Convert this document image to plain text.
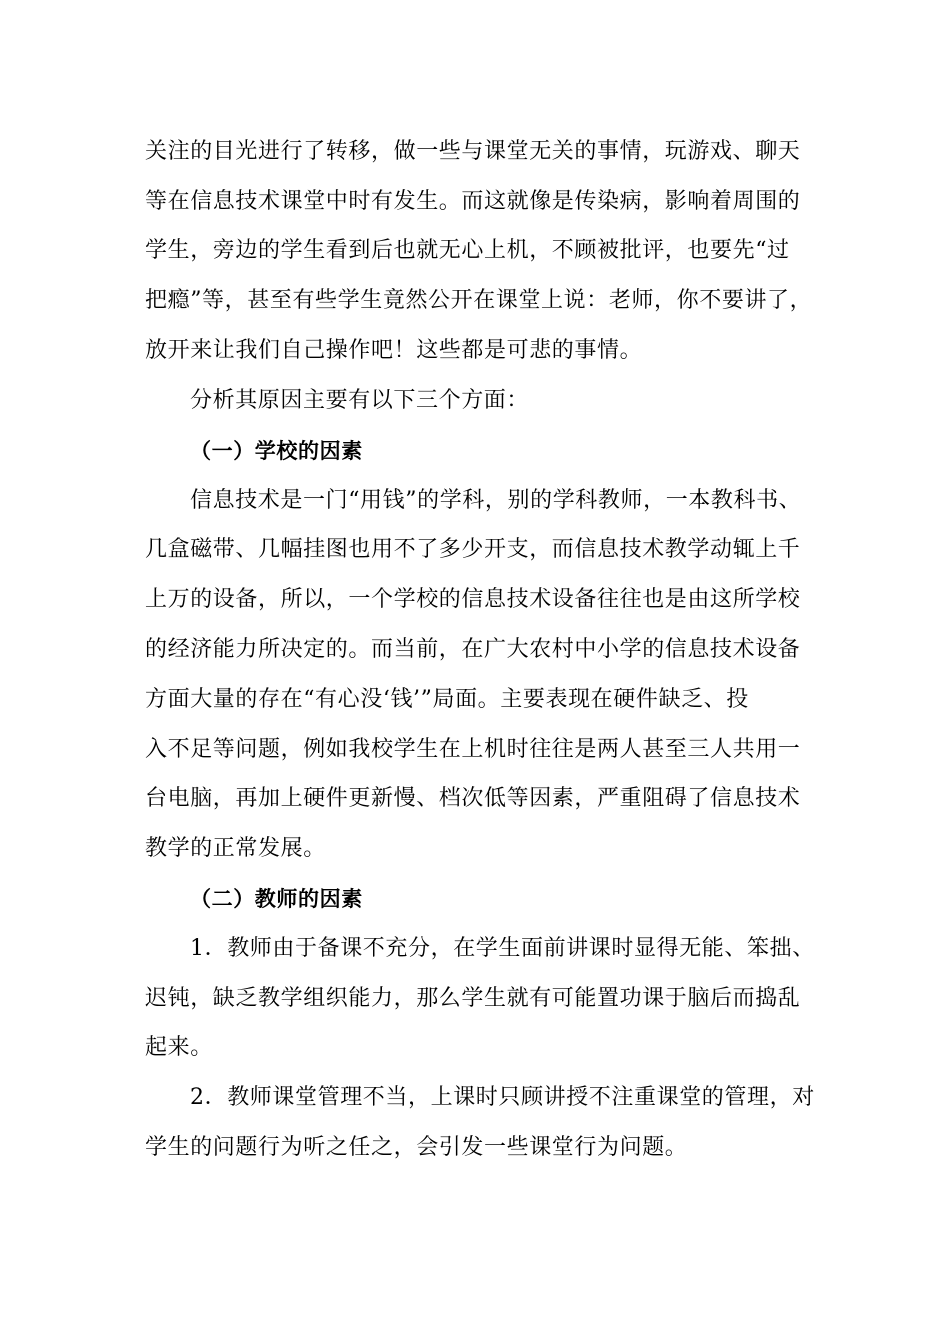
关注的目光进行了转移，做一些与课堂无关的事情，玩游戏、聊天
等在信息技术课堂中时有发生。而这就像是传染病，影响着周围的
学生，旁边的学生看到后也就无心上机，不顾被批评，也要先“过
把瘾”等，甚至有些学生竟然公开在课堂上说：老师，你不要讲了，
放开来让我们自己操作吧！这些都是可悲的事情。
分析其原因主要有以下三个方面：
（一）学校的因素
信息技术是一门“用钱”的学科，别的学科教师，一本教科书、
几盒磁带、几幅挂图也用不了多少开支，而信息技术教学动辄上千
上万的设备，所以，一个学校的信息技术设备往往也是由这所学校
的经济能力所决定的。而当前，在广大农村中小学的信息技术设备
方面大量的存在“有心没‘钱’”局面。主要表现在硬件缺乏、投
入不足等问题，例如我校学生在上机时往往是两人甚至三人共用一
台电脑，再加上硬件更新慢、档次低等因素，严重阻碍了信息技术
教学的正常发展。
（二）教师的因素
1．教师由于备课不充分，在学生面前讲课时显得无能、笨拙、
迟钝，缺乏教学组织能力，那么学生就有可能置功课于脑后而捣乱
起来。
2．教师课堂管理不当，上课时只顾讲授不注重课堂的管理，对
学生的问题行为听之任之，会引发一些课堂行为问题。
